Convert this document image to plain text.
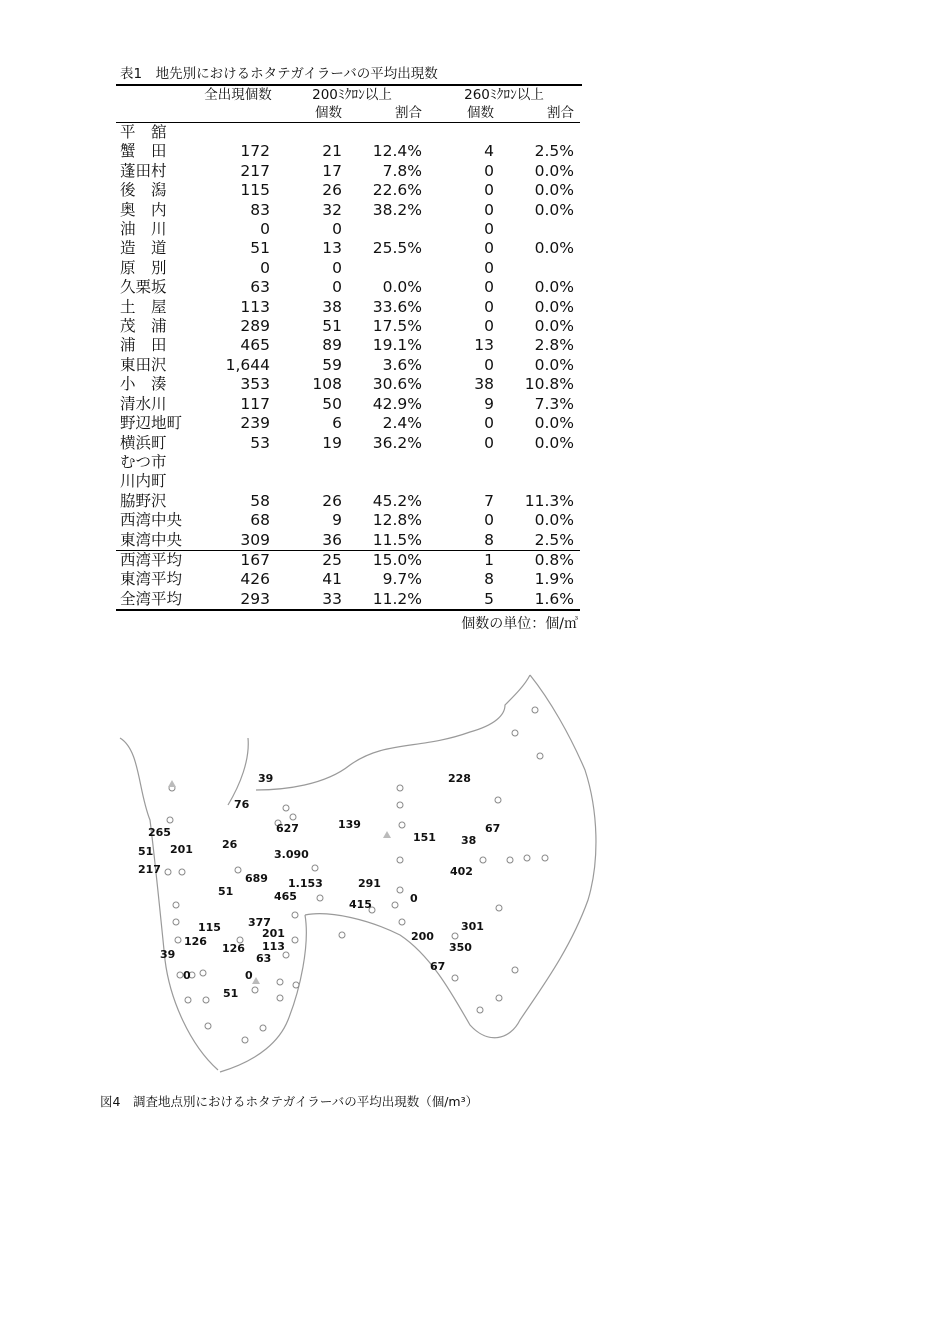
表1　地先別におけるホタテガイラーバの平均出現数
	全出現個数	200ﾐｸﾛﾝ以上		260ﾐｸﾛﾝ以上	
		個数	割合	個数	割合
平　舘					
蟹　田	172	21	12.4%	4	2.5%
蓬田村	217	17	7.8%	0	0.0%
後　潟	115	26	22.6%	0	0.0%
奥　内	83	32	38.2%	0	0.0%
油　川	0	0		0	
造　道	51	13	25.5%	0	0.0%
原　別	0	0		0	
久栗坂	63	0	0.0%	0	0.0%
土　屋	113	38	33.6%	0	0.0%
茂　浦	289	51	17.5%	0	0.0%
浦　田	465	89	19.1%	13	2.8%
東田沢	1,644	59	3.6%	0	0.0%
小　湊	353	108	30.6%	38	10.8%
清水川	117	50	42.9%	9	7.3%
野辺地町	239	6	2.4%	0	0.0%
横浜町	53	19	36.2%	0	0.0%
むつ市					
川内町					
脇野沢	58	26	45.2%	7	11.3%
西湾中央	68	9	12.8%	0	0.0%
東湾中央	309	36	11.5%	8	2.5%
西湾平均	167	25	15.0%	1	0.8%
東湾平均	426	41	9.7%	8	1.9%
全湾平均	293	33	11.2%	5	1.6%
個数の単位：個/㎥
39	228
76
627	139
151
67
38
265
26
201
51	3.090
217
689 1.153	291
402
51	465
415	0
377
115	201
301
126	200
126 113	350
39	63
67
0	0
51
図4　調査地点別におけるホタテガイラーバの平均出現数（個/m³）
